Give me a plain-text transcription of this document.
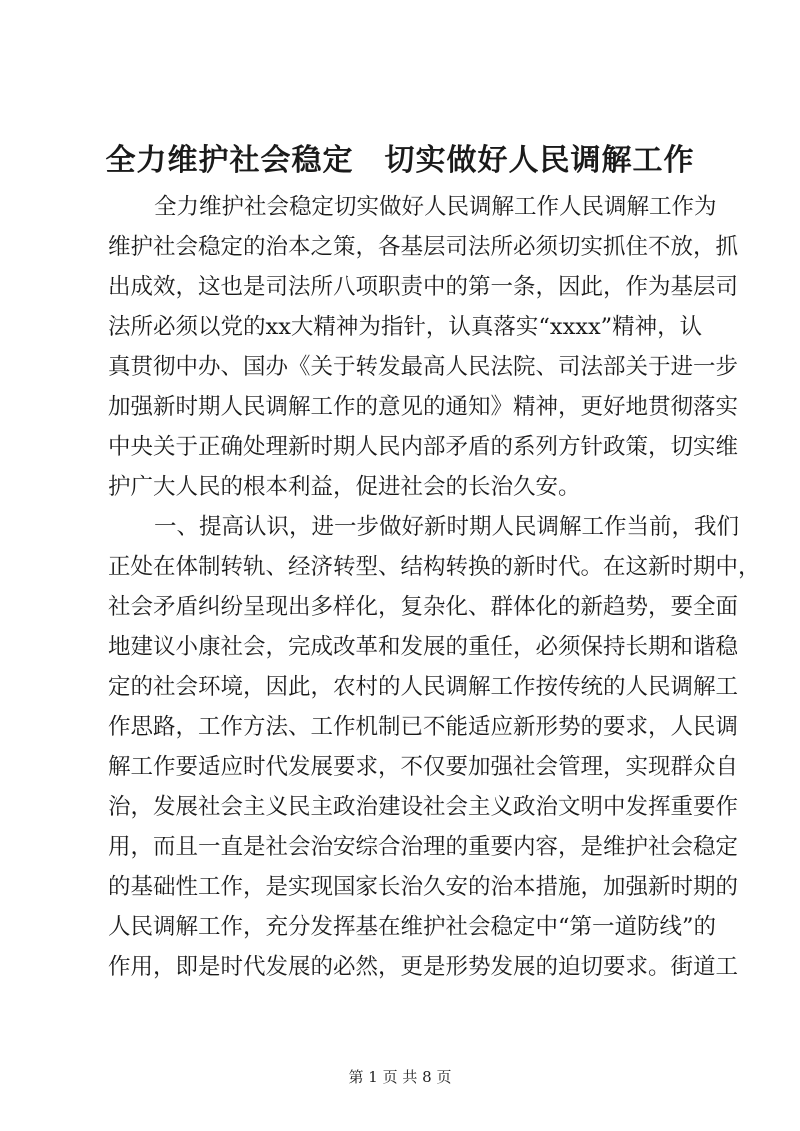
全力维护社会稳定　切实做好人民调解工作
全力维护社会稳定切实做好人民调解工作人民调解工作为
维护社会稳定的治本之策，各基层司法所必须切实抓住不放，抓
出成效，这也是司法所八项职责中的第一条，因此，作为基层司
法所必须以党的xx大精神为指针，认真落实“xxxx”精神，认
真贯彻中办、国办《关于转发最高人民法院、司法部关于进一步
加强新时期人民调解工作的意见的通知》精神，更好地贯彻落实
中央关于正确处理新时期人民内部矛盾的系列方针政策，切实维
护广大人民的根本利益，促进社会的长治久安。
一、提高认识，进一步做好新时期人民调解工作当前，我们
正处在体制转轨、经济转型、结构转换的新时代。在这新时期中，
社会矛盾纠纷呈现出多样化，复杂化、群体化的新趋势，要全面
地建议小康社会，完成改革和发展的重任，必须保持长期和谐稳
定的社会环境，因此，农村的人民调解工作按传统的人民调解工
作思路，工作方法、工作机制已不能适应新形势的要求，人民调
解工作要适应时代发展要求，不仅要加强社会管理，实现群众自
治，发展社会主义民主政治建设社会主义政治文明中发挥重要作
用，而且一直是社会治安综合治理的重要内容，是维护社会稳定
的基础性工作，是实现国家长治久安的治本措施，加强新时期的
人民调解工作，充分发挥基在维护社会稳定中“第一道防线”的
作用，即是时代发展的必然，更是形势发展的迫切要求。街道工
第 1 页 共 8 页
